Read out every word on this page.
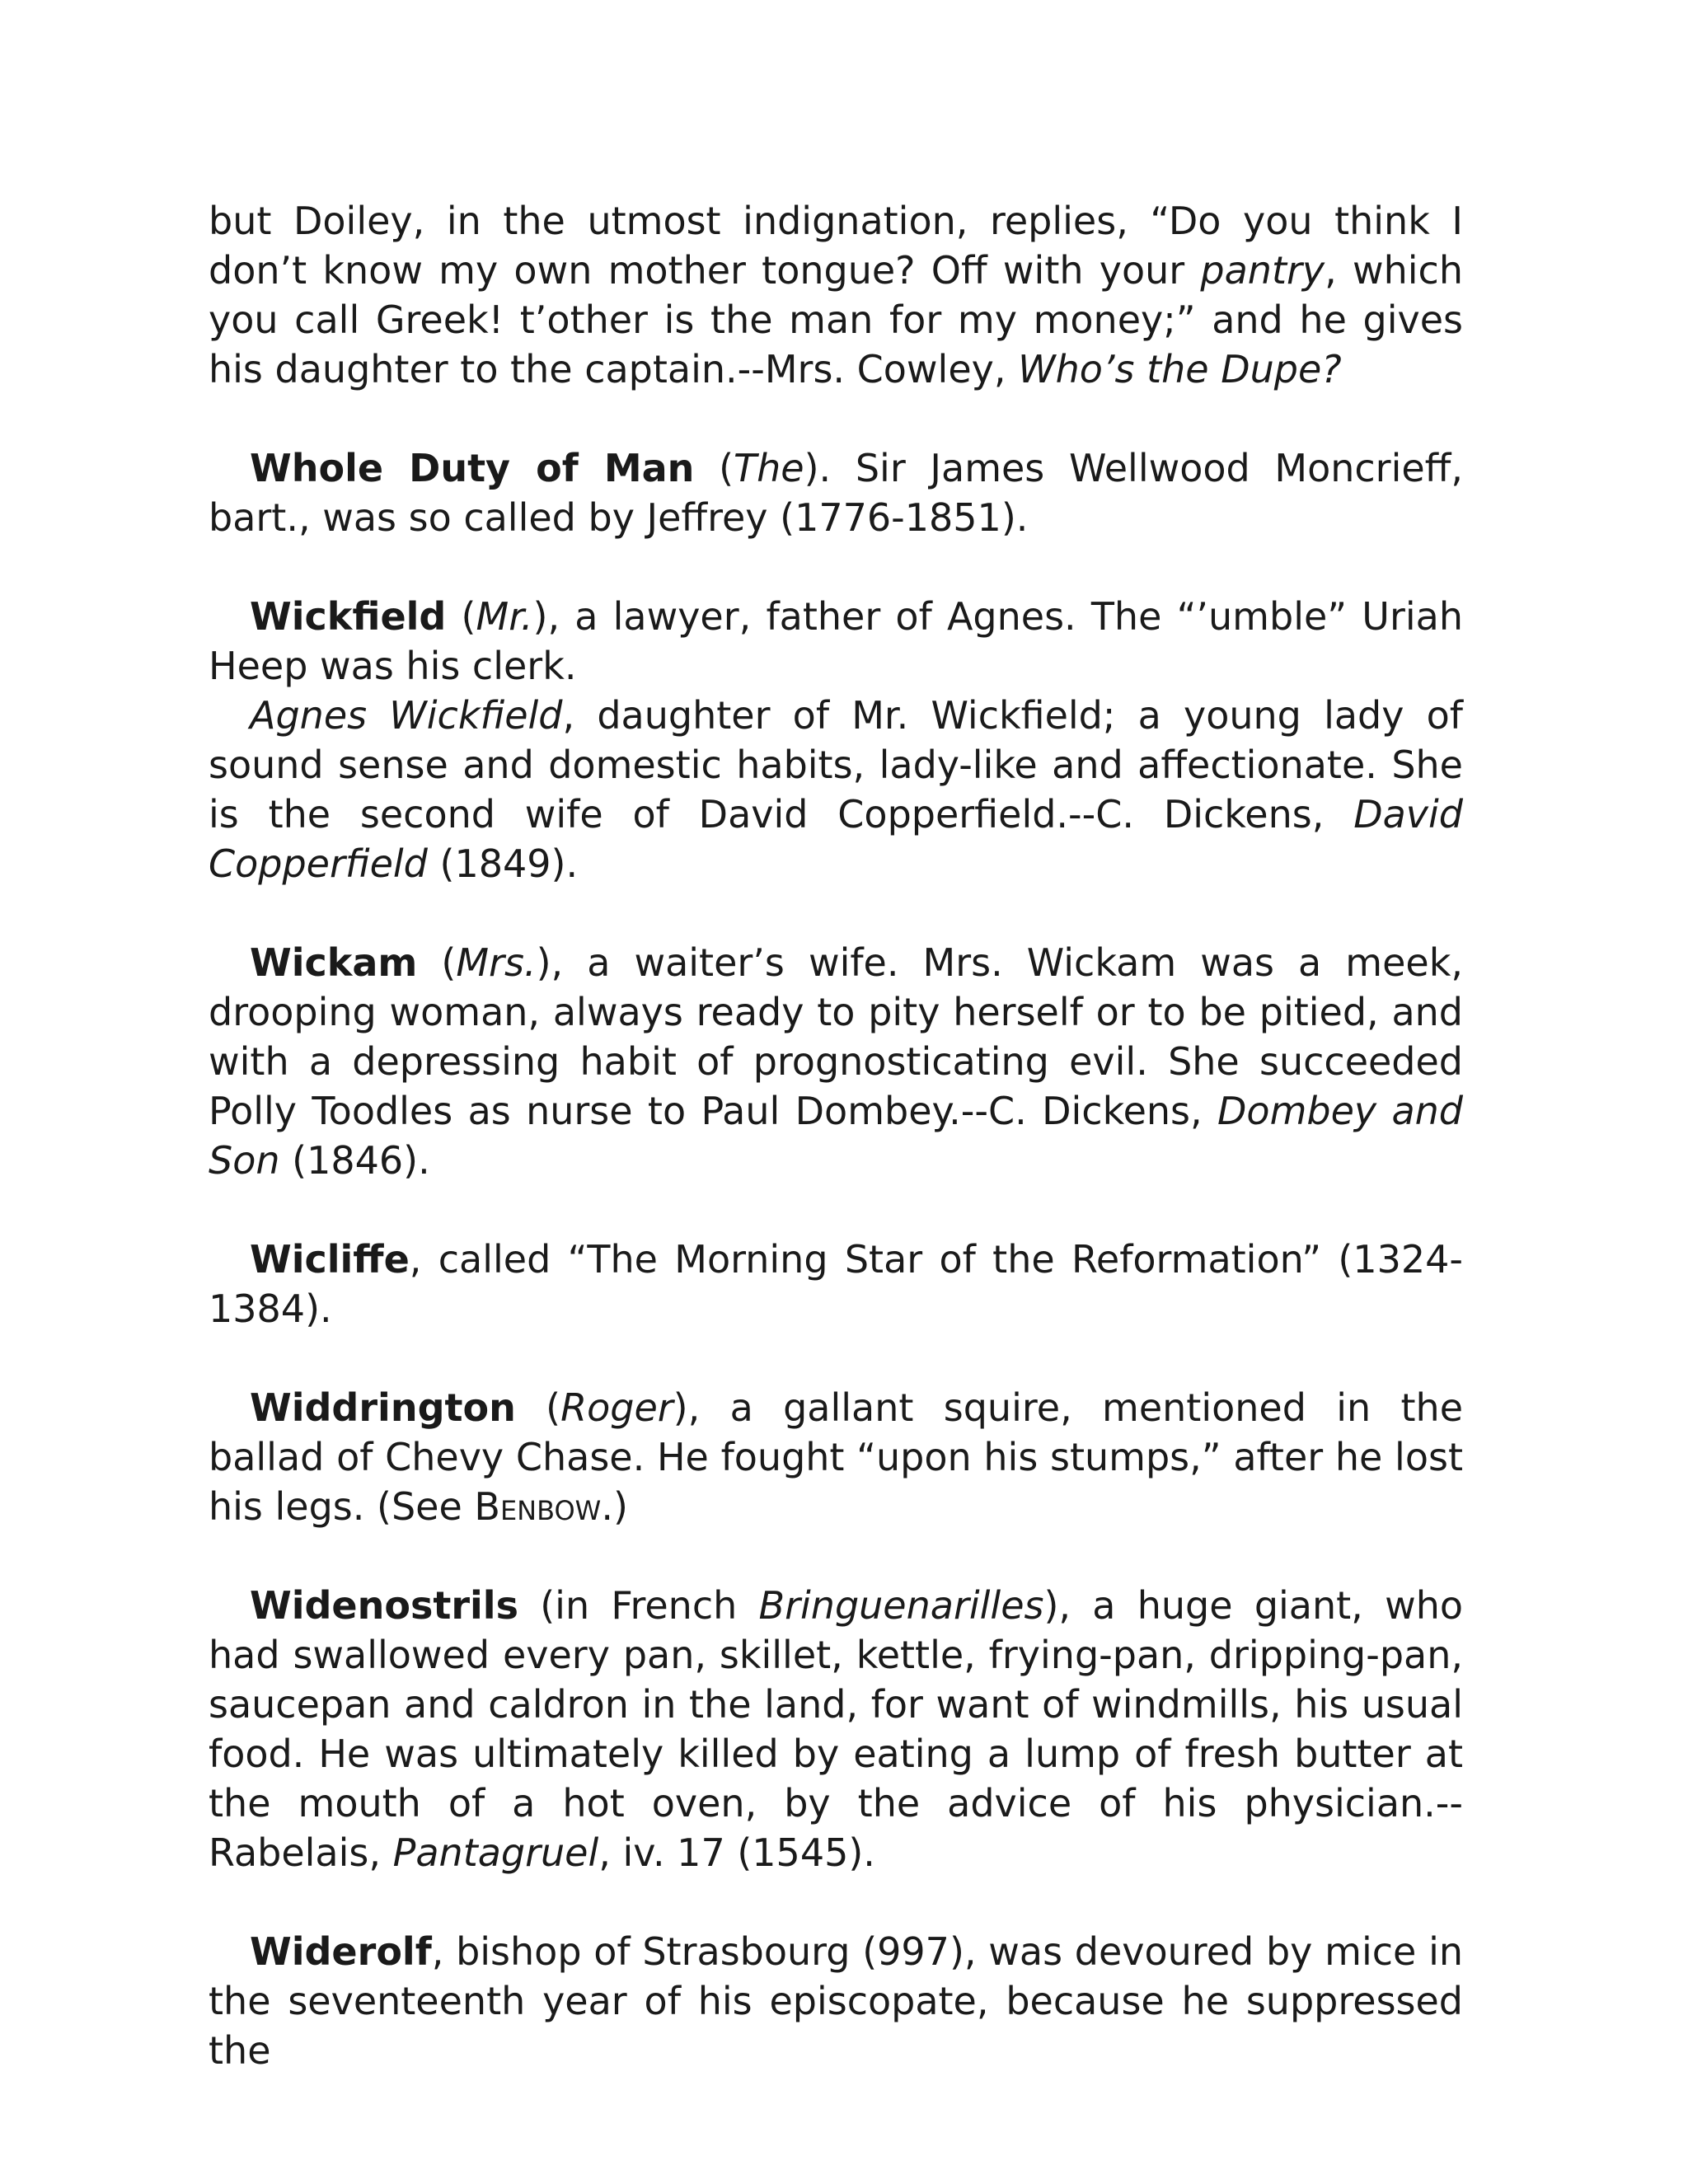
but Doiley, in the utmost indignation, replies, “Do you think I don’t know my own mother tongue? Off with your pantry, which you call Greek! t’other is the man for my money;” and he gives his daughter to the captain.--Mrs. Cowley, Who’s the Dupe?

Whole Duty of Man (The). Sir James Wellwood Moncrieff, bart., was so called by Jeffrey (1776-1851).

Wickfield (Mr.), a lawyer, father of Agnes. The “’umble” Uriah Heep was his clerk.

Agnes Wickfield, daughter of Mr. Wickfield; a young lady of sound sense and domestic habits, lady-like and affectionate. She is the second wife of David Copperfield.--C. Dickens, David Copperfield (1849).

Wickam (Mrs.), a waiter’s wife. Mrs. Wickam was a meek, drooping woman, always ready to pity herself or to be pitied, and with a depressing habit of prognosticating evil. She succeeded Polly Toodles as nurse to Paul Dombey.--C. Dickens, Dombey and Son (1846).

Wicliffe, called “The Morning Star of the Reformation” (1324-1384).

Widdrington (Roger), a gallant squire, mentioned in the ballad of Chevy Chase. He fought “upon his stumps,” after he lost his legs. (See Benbow.)

Widenostrils (in French Bringuenarilles), a huge giant, who had swallowed every pan, skillet, kettle, frying-pan, dripping-pan, saucepan and caldron in the land, for want of windmills, his usual food. He was ultimately killed by eating a lump of fresh butter at the mouth of a hot oven, by the advice of his physician.--Rabelais, Pantagruel, iv. 17 (1545).

Widerolf, bishop of Strasbourg (997), was devoured by mice in the seventeenth year of his episcopate, because he suppressed the
